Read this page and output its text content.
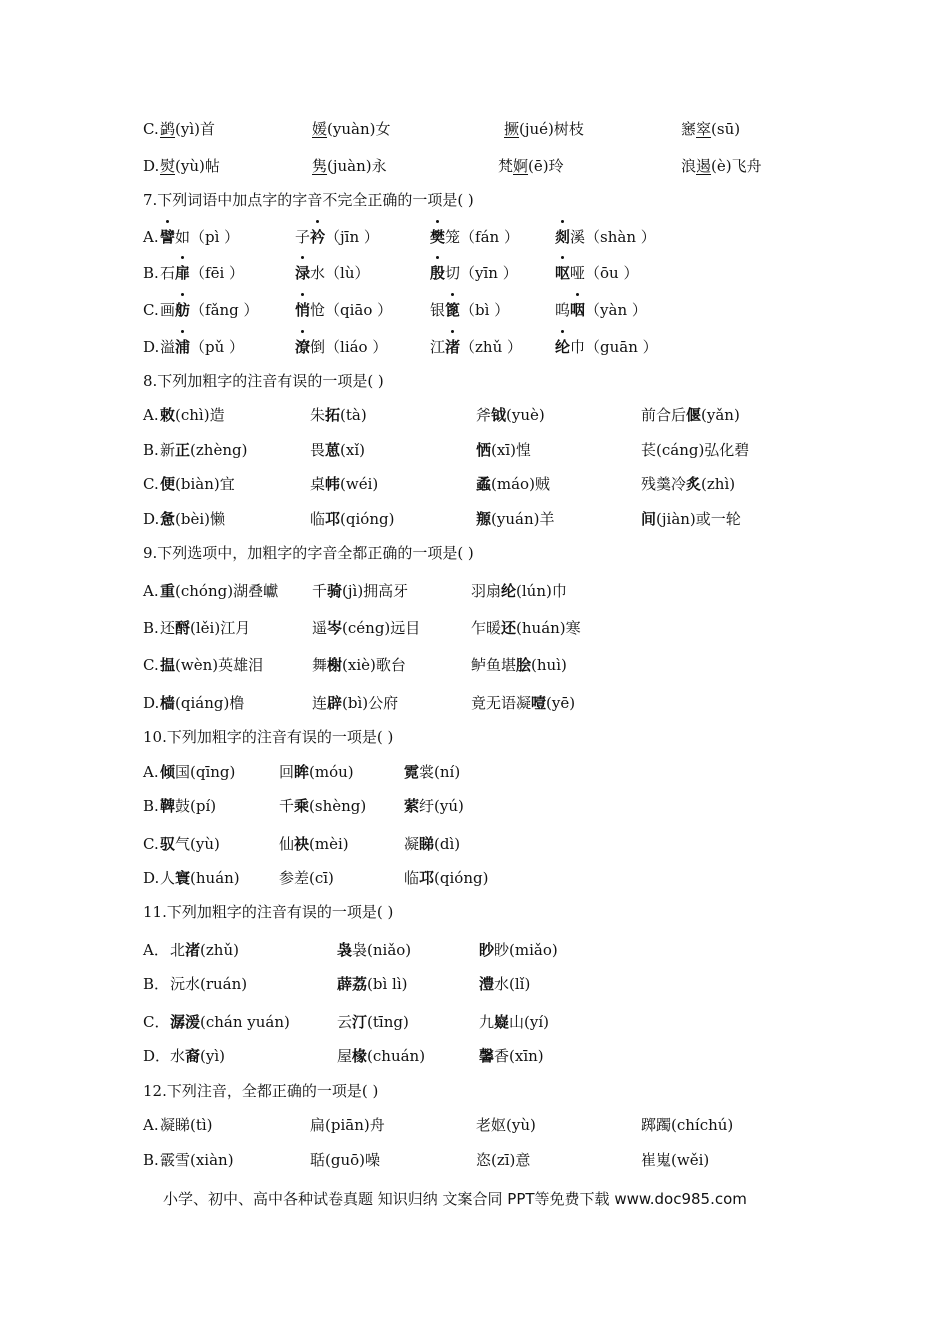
C. 鹢(yì)首	媛(yuàn)女	撅(jué)树枝	窸窣(sū)
D. 熨(yù)帖	隽(juàn)永	梵婀(ē)玲	浪遏(è)飞舟
7.下列词语中加点字的字音不完全正确的一项是( )
A. 譬如（pì ）	子衿（jīn ）	樊笼（fán ） 剡溪（shàn ）
B. 石扉（fēi ）	渌水（lù）	殷切（yīn ） 呕哑（ōu ）
C. 画舫（fǎng ） 悄怆（qiāo ）	银篦（bì ）	呜咽（yàn ）
D. 溢浦（pǔ ）	潦倒（liáo ）	江渚（zhǔ ） 纶巾（guān ）
8.下列加粗字的注音有误的一项是( )
A. 敕(chì)造	朱拓(tà)	斧钺(yuè)	前合后偃(yǎn)
B. 新正(zhèng)	畏葸(xǐ)	恓(xī)惶	苌(cáng)弘化碧
C. 便(biàn)宜	桌帏(wéi)	蟊(máo)贼	残羹冷炙(zhì)
D. 惫(bèi)懒	临邛(qióng)	羱(yuán)羊	间(jiàn)或一轮
9.下列选项中，加粗字的字音全都正确的一项是( )
A. 重(chóng)湖叠巘 千骑(jì)拥高牙	羽扇纶(lún)巾
B. 还酹(lěi)江月	遥岑(céng)远目	乍暖还(huán)寒
C. 揾(wèn)英雄泪	舞榭(xiè)歌台	鲈鱼堪脍(huì)
D. 樯(qiáng)橹	连辟(bì)公府	竟无语凝噎(yē)
10.下列加粗字的注音有误的一项是( )
A. 倾国(qīng)	回眸(móu)	霓裳(ní)
B. 鞞鼓(pí)	千乘(shèng)	萦纡(yú)
C. 驭气(yù)	仙袂(mèi)	凝睇(dì)
D. 人寰(huán)	参差(cī)	临邛(qióng)
11.下列加粗字的注音有误的一项是( )
A． 北渚(zhǔ)	袅袅(niǎo)	眇眇(miǎo)
B． 沅水(ruán)	薜荔(bì lì)	澧水(lǐ)
C． 潺湲(chán yuán)	云汀(tīng)	九嶷山(yí)
D． 水裔(yì)	屋椽(chuán)	馨香(xīn)
12.下列注音，全都正确的一项是( )
A. 凝睇(tì)	扁(piān)舟	老妪(yù)	踯躅(chíchú)
B. 霰雪(xiàn)	聒(guō)噪	恣(zī)意	崔嵬(wěi)
小学、初中、高中各种试卷真题 知识归纳 文案合同 PPT等免费下载 www.doc985.com
